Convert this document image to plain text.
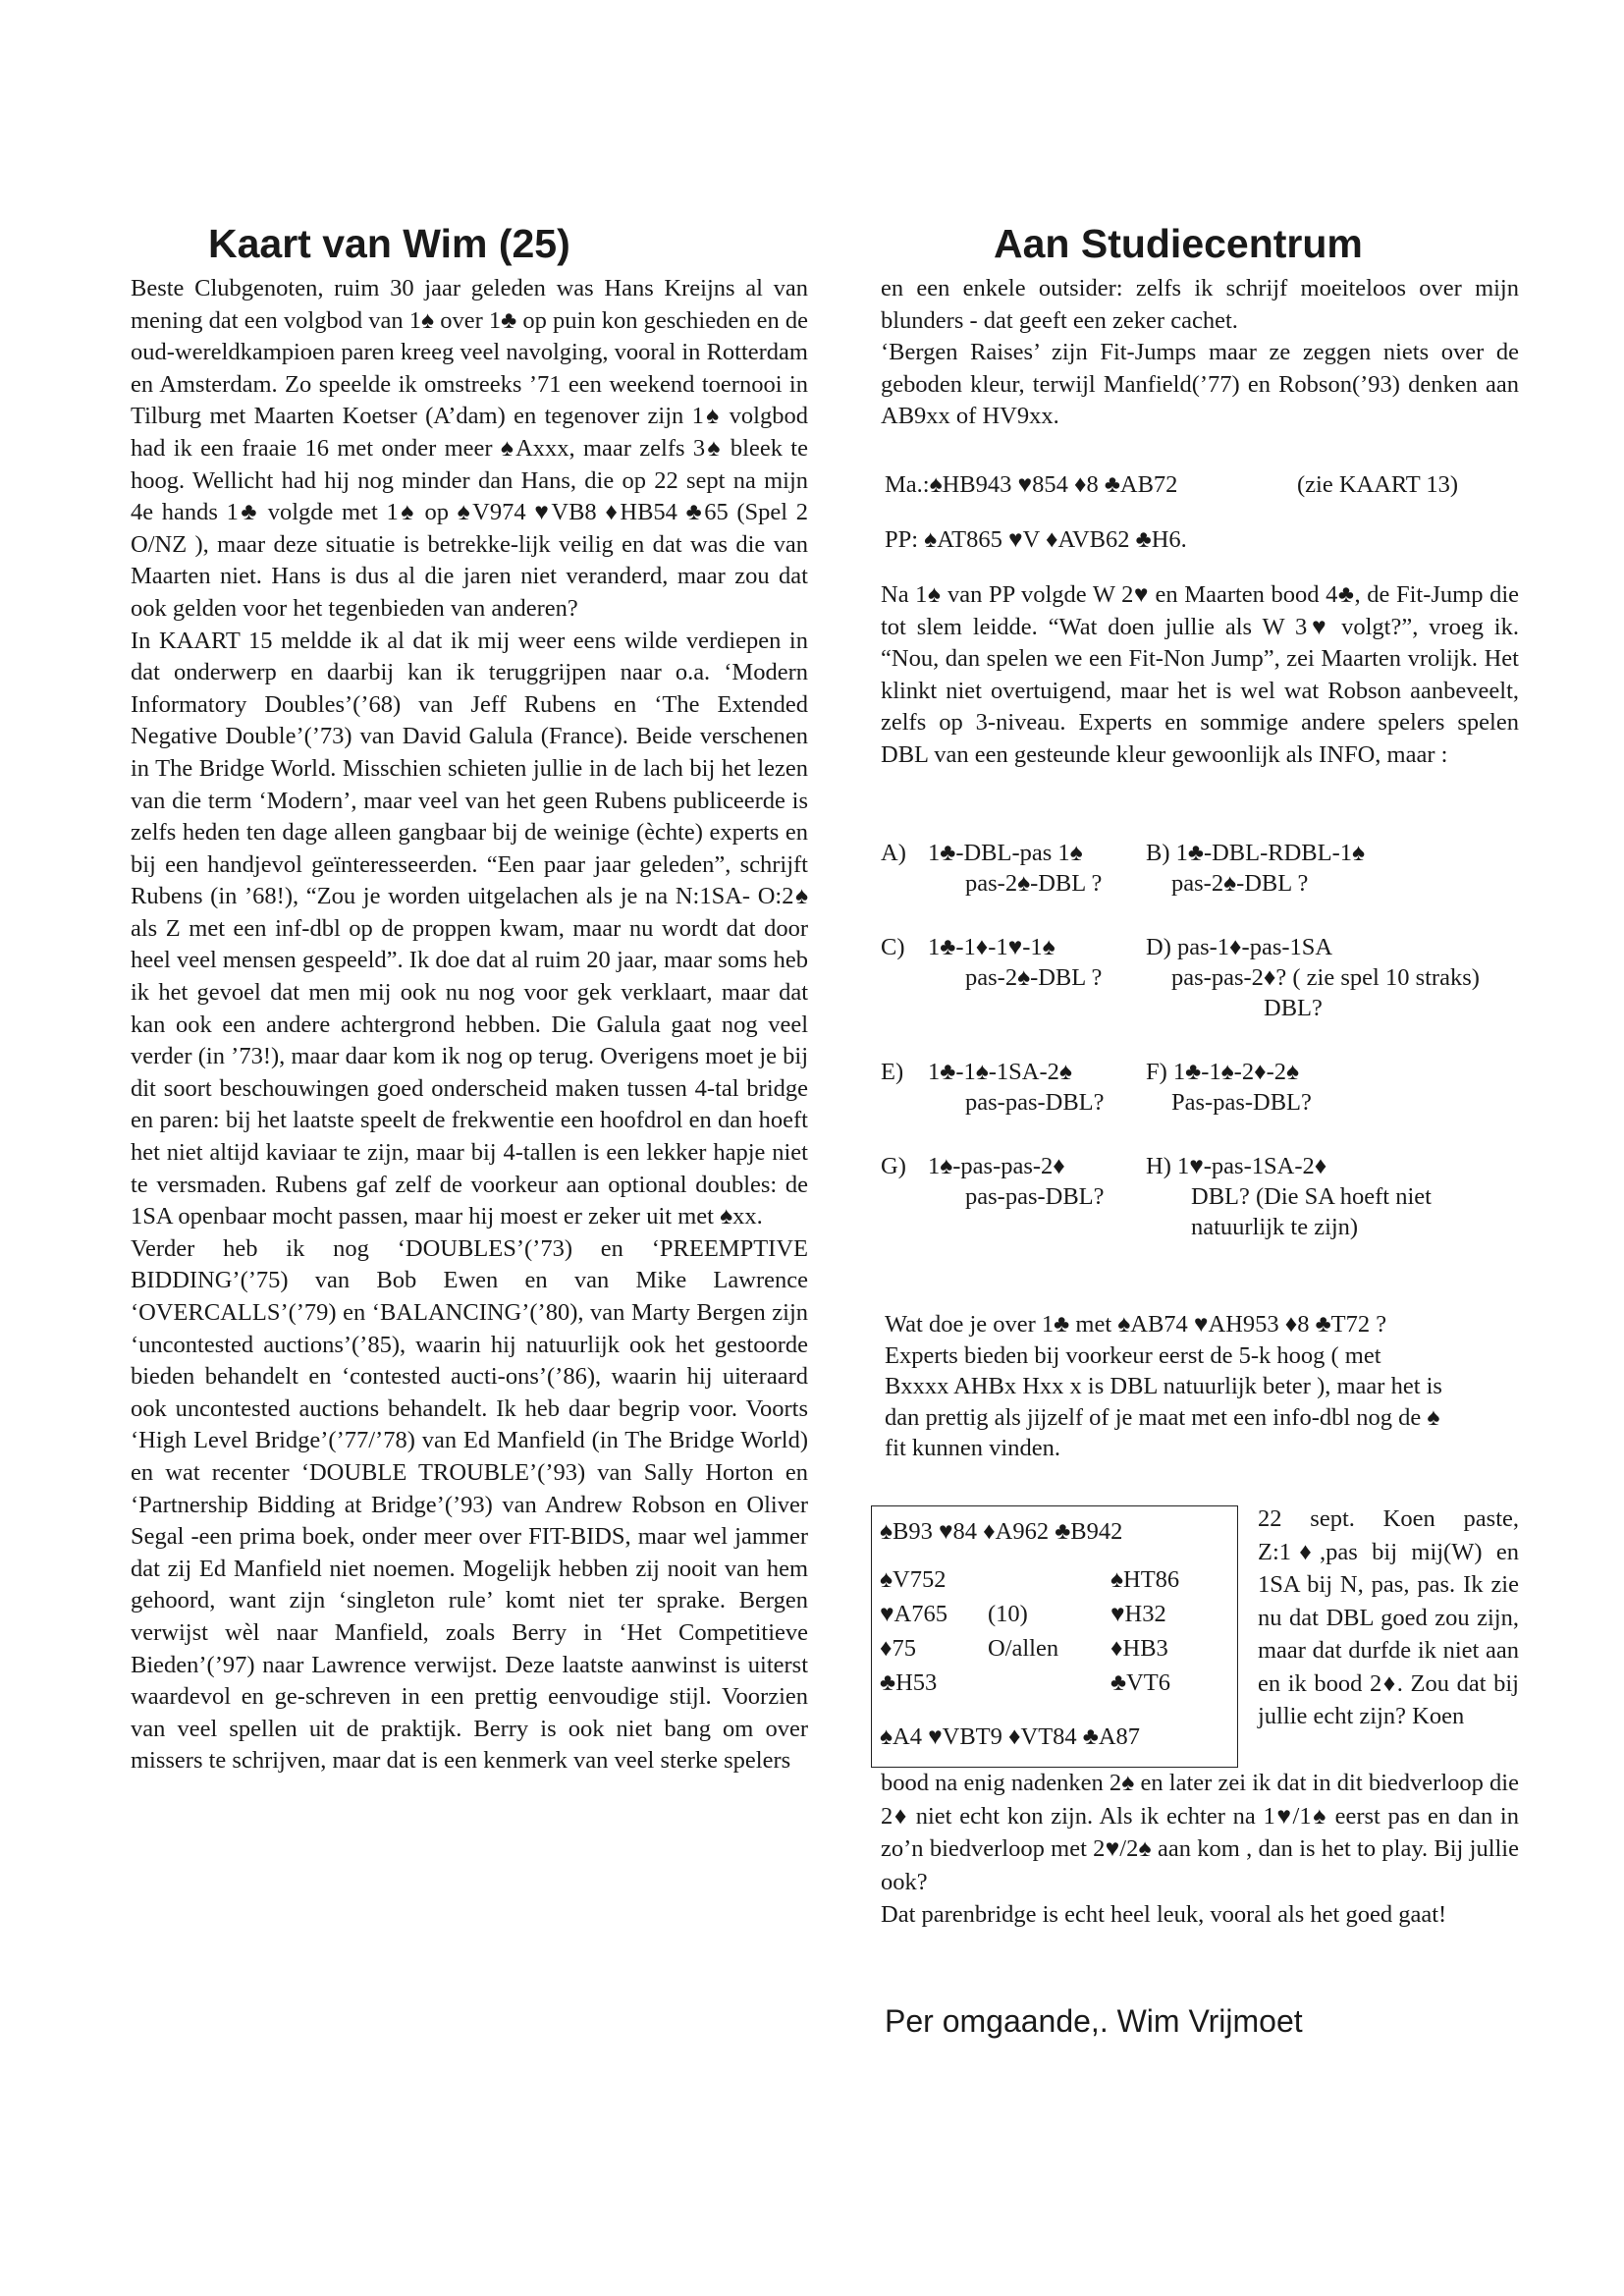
Kaart van Wim (25)

Beste Clubgenoten, ruim 30 jaar geleden was Hans Kreijns al van mening dat een volgbod van 1♠ over 1♣ op puin kon geschieden en de oud-wereldkampioen paren kreeg veel navolging, vooral in Rotterdam en Amsterdam. Zo speelde ik omstreeks ’71 een weekend toernooi in Tilburg met Maarten Koetser (A’dam) en tegenover zijn 1♠ volgbod had ik een fraaie 16 met onder meer ♠Axxx, maar zelfs 3♠ bleek te hoog. Wellicht had hij nog minder dan Hans, die op 22 sept na mijn 4e hands 1♣ volgde met 1♠ op ♠V974 ♥VB8 ♦HB54 ♣65 (Spel 2 O/NZ ), maar deze situatie is betrekke-lijk veilig en dat was die van Maarten niet. Hans is dus al die jaren niet veranderd, maar zou dat ook gelden voor het tegenbieden van anderen?

In KAART 15 meldde ik al dat ik mij weer eens wilde verdiepen in dat onderwerp en daarbij kan ik teruggrijpen naar o.a. ‘Modern Informatory Doubles’(’68) van Jeff Rubens en ‘The Extended Negative Double’(’73) van David Galula (France). Beide verschenen in The Bridge World. Misschien schieten jullie in de lach bij het lezen van die term ‘Modern’, maar veel van het geen Rubens publiceerde is zelfs heden ten dage alleen gangbaar bij de weinige (èchte) experts en bij een handjevol geïnteresseerden. “Een paar jaar geleden”, schrijft Rubens (in ’68!), “Zou je worden uitgelachen als je na N:1SA- O:2♠ als Z met een inf-dbl op de proppen kwam, maar nu wordt dat door heel veel mensen gespeeld”. Ik doe dat al ruim 20 jaar, maar soms heb ik het gevoel dat men mij ook nu nog voor gek verklaart, maar dat kan ook een andere achtergrond hebben. Die Galula gaat nog veel verder (in ’73!), maar daar kom ik nog op terug. Overigens moet je bij dit soort beschouwingen goed onderscheid maken tussen 4-tal bridge en paren: bij het laatste speelt de frekwentie een hoofdrol en dan hoeft het niet altijd kaviaar te zijn, maar bij 4-tallen is een lekker hapje niet te versmaden. Rubens gaf zelf de voorkeur aan optional doubles: de 1SA openbaar mocht passen, maar hij moest er zeker uit met ♠xx.

Verder heb ik nog ‘DOUBLES’(’73) en ‘PREEMPTIVE BIDDING’(’75) van Bob Ewen en van Mike Lawrence ‘OVERCALLS’(’79) en ‘BALANCING’(’80), van Marty Bergen zijn ‘uncontested auctions’(’85), waarin hij natuurlijk ook het gestoorde bieden behandelt en ‘contested aucti-ons’(’86), waarin hij uiteraard ook uncontested auctions behandelt. Ik heb daar begrip voor. Voorts ‘High Level Bridge’(’77/’78) van Ed Manfield (in The Bridge World) en wat recenter ‘DOUBLE TROUBLE’(’93) van Sally Horton en ‘Partnership Bidding at Bridge’(’93) van Andrew Robson en Oliver Segal -een prima boek, onder meer over FIT-BIDS, maar wel jammer dat zij Ed Manfield niet noemen. Mogelijk hebben zij nooit van hem gehoord, want zijn ‘singleton rule’ komt niet ter sprake. Bergen verwijst wèl naar Manfield, zoals Berry in ‘Het Competitieve Bieden’(’97) naar Lawrence verwijst. Deze laatste aanwinst is uiterst waardevol en ge-schreven in een prettig eenvoudige stijl. Voorzien van veel spellen uit de praktijk. Berry is ook niet bang om over missers te schrijven, maar dat is een kenmerk van veel sterke spelers

Aan Studiecentrum

en een enkele outsider: zelfs ik schrijf moeiteloos over mijn blunders - dat geeft een zeker cachet.

‘Bergen Raises’ zijn Fit-Jumps maar ze zeggen niets over de geboden kleur, terwijl Manfield(’77) en Robson(’93) denken aan AB9xx of HV9xx.

Ma.:♠HB943 ♥854 ♦8 ♣AB72	(zie KAART 13)
PP: ♠AT865 ♥V ♦AVB62 ♣H6.

Na 1♠ van PP volgde W 2♥ en Maarten bood 4♣, de Fit-Jump die tot slem leidde. “Wat doen jullie als W 3♥ volgt?”, vroeg ik. “Nou, dan spelen we een Fit-Non Jump”, zei Maarten vrolijk. Het klinkt niet overtuigend, maar het is wel wat Robson aanbeveelt, zelfs op 3-niveau. Experts en sommige andere spelers spelen DBL van een gesteunde kleur gewoonlijk als INFO, maar :

A) 1♣-DBL-pas 1♠
pas-2♠-DBL ?
B) 1♣-DBL-RDBL-1♠
pas-2♠-DBL ?
C) 1♣-1♦-1♥-1♠
pas-2♠-DBL ?
D) pas-1♦-pas-1SA
pas-pas-2♦? ( zie spel 10 straks)
DBL?
E)	1♣-1♠-1SA-2♠
pas-pas-DBL?
F) 1♣-1♠-2♦-2♠
Pas-pas-DBL?
G) 1♠-pas-pas-2♦
pas-pas-DBL?
H) 1♥-pas-1SA-2♦
DBL? (Die SA hoeft niet
natuurlijk te zijn)
Wat doe je over 1♣ met ♠AB74 ♥AH953 ♦8 ♣T72 ?
Experts bieden bij voorkeur eerst de 5-k hoog ( met
Bxxxx AHBx Hxx x is DBL natuurlijk beter ), maar het is
dan prettig als jijzelf of je maat met een info-dbl nog de ♠
fit kunnen vinden.
♠B93 ♥84 ♦A962 ♣B942
♠V752
♥A765
♦75
♣H53
(10)
O/allen
♠HT86
♥H32
♦HB3
♣VT6
♠A4 ♥VBT9 ♦VT84 ♣A87

22 sept. Koen paste, Z:1♦,pas bij mij(W) en 1SA bij N, pas, pas. Ik zie nu dat DBL goed zou zijn, maar dat durfde ik niet aan en ik bood 2♦. Zou dat bij jullie echt zijn? Koen

bood na enig nadenken 2♠ en later zei ik dat in dit biedverloop die 2♦ niet echt kon zijn. Als ik echter na 1♥/1♠ eerst pas en dan in zo’n biedverloop met 2♥/2♠ aan kom , dan is het to play. Bij jullie ook?

Dat parenbridge is echt heel leuk, vooral als het goed gaat!

Per omgaande,. Wim Vrijmoet
